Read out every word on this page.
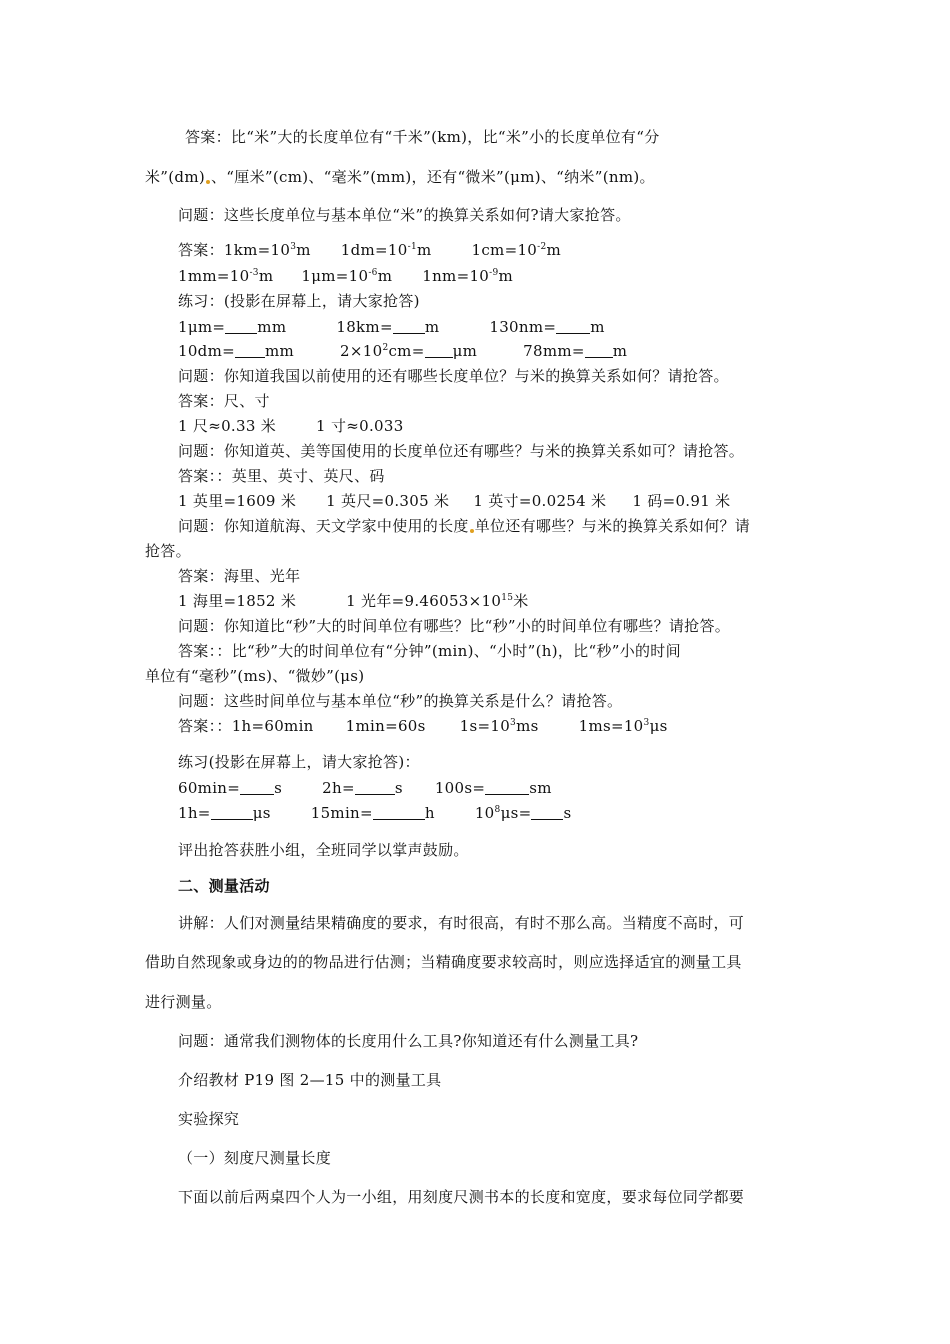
答案：比“米”大的长度单位有“千米”(km)，比“米”小的长度单位有“分
米”(dm) 、“厘米”(cm)、“毫米”(mm)，还有“微米”(μm)、“纳米”(nm)。
问题：这些长度单位与基本单位“米”的换算关系如何?请大家抢答。
答案：$1km=10^3m$ $1dm=10^{-1}m$	$1cm=10^{-2}m$
$1mm=10^{-3}m$ $1\mu m=10^{-6}m$ $1nm=10^{-9}m$
练习：(投影在屏幕上，请大家抢答)
1μm= mm	18km= m	130nm= m
10dm= mm	$2\times 10^2cm= \mu m$	78mm= m
问题：你知道我国以前使用的还有哪些长度单位？与米的换算关系如何？请抢答。
答案：尺、寸
1 尺≈0.33 米	1 寸≈0.033
问题：你知道英、美等国使用的长度单位还有哪些？与米的换算关系如可？请抢答。
答案：：英里、英寸、英尺、码
1 英里=1609 米 1 英尺=0.305 米 1 英寸=0.0254 米 1 码=0.91 米
问题：你知道航海、天文学家中使用的长度 单位还有哪些？与米的换算关系如何？请
抢答。
答案：海里、光年
1 海里=1852 米	1 光年$=9.46053\times 10^{15}$米
问题：你知道比“秒”大的时间单位有哪些？比“秒”小的时间单位有哪些？请抢答。
答案：：比“秒”大的时间单位有“分钟”(min)、“小时”(h)，比“秒”小的时间
单位有“毫秒”(ms)、“微妙”(μs)
问题：这些时间单位与基本单位“秒”的换算关系是什么？请抢答。
答案：：1h=60min 1min=60s $1s=10^3ms$	$1ms=10^3\mu s$
练习(投影在屏幕上，请大家抢答)：
60min= s	2h=	s 100s=	sm
1h=	μs	15min=	h	$10^8\mu s= s$
评出抢答获胜小组，全班同学以掌声鼓励。
二、测量活动
讲解：人们对测量结果精确度的要求，有时很高，有时不那么高。当精度不高时，可
借助自然现象或身边的的物品进行估测；当精确度要求较高时，则应选择适宜的测量工具
进行测量。
问题：通常我们测物体的长度用什么工具?你知道还有什么测量工具?
介绍教材 P19 图 2—15 中的测量工具
实验探究
（一）刻度尺测量长度
下面以前后两桌四个人为一小组，用刻度尺测书本的长度和宽度，要求每位同学都要
